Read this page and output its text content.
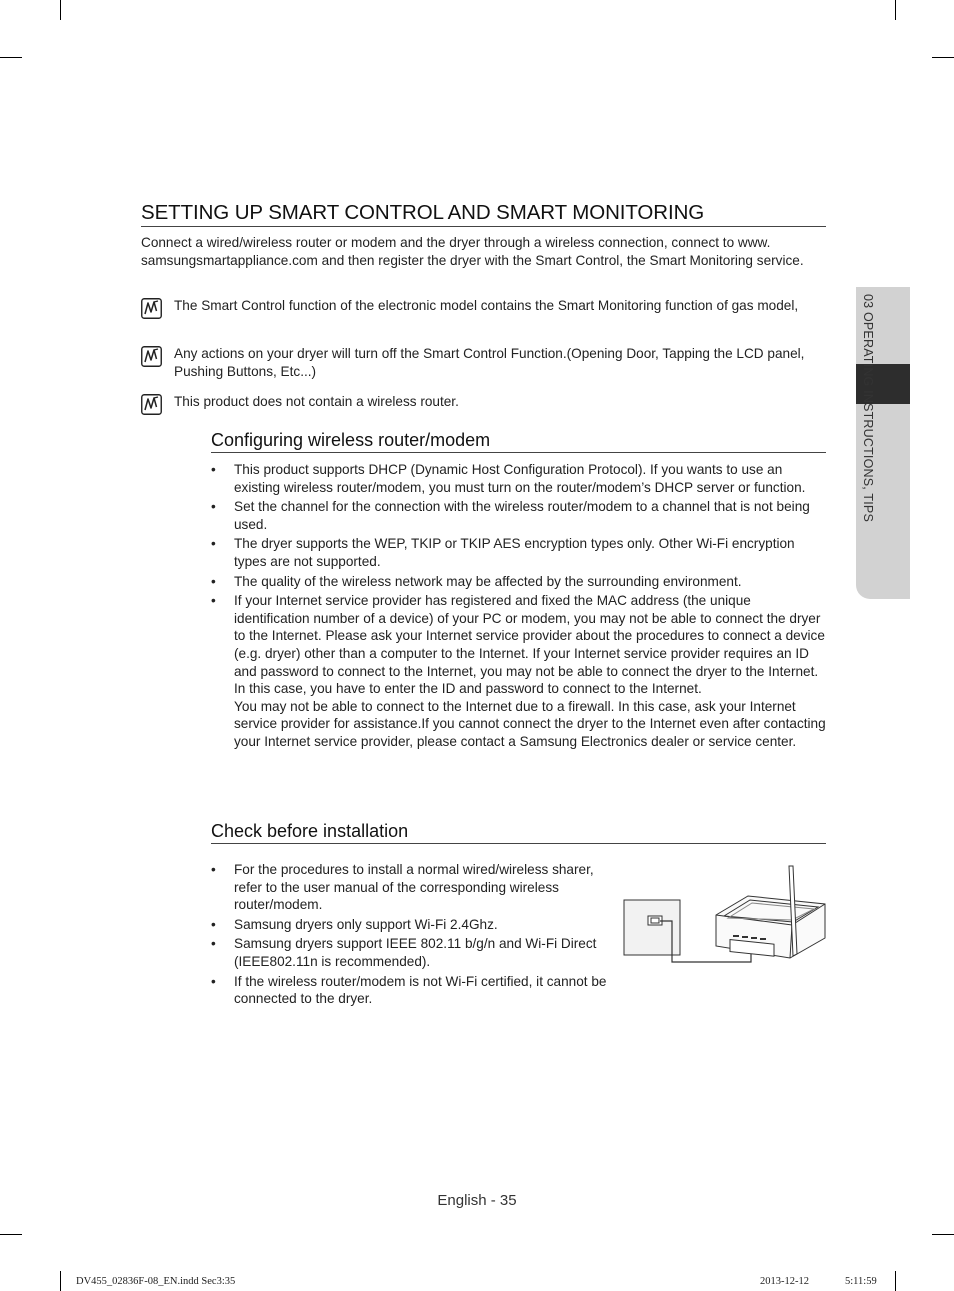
03 OPERATING INSTRUCTIONS, TIPS
SETTING UP SMART CONTROL AND SMART MONITORING
Connect a wired/wireless router or modem and the dryer through a wireless connection, connect to www. samsungsmartappliance.com and then register the dryer with the Smart Control, the Smart Monitoring service.
The Smart Control function of the electronic model contains the Smart Monitoring function of gas model,
Any actions on your dryer will turn off the Smart Control Function.(Opening Door, Tapping the LCD panel, Pushing Buttons, Etc...)
This product does not contain a wireless router.
Configuring wireless router/modem
• This product supports DHCP (Dynamic Host Configuration Protocol). If you wants to use an existing wireless router/modem, you must turn on the router/modem’s DHCP server or function.
• Set the channel for the connection with the wireless router/modem to a channel that is not being used.
• The dryer supports the WEP, TKIP or TKIP AES encryption types only. Other Wi-Fi encryption types are not supported.
• The quality of the wireless network may be affected by the surrounding environment.
• If your Internet service provider has registered and fixed the MAC address (the unique identification number of a device) of your PC or modem, you may not be able to connect the dryer to the Internet. Please ask your Internet service provider about the procedures to connect a device (e.g. dryer) other than a computer to the Internet. If your Internet service provider requires an ID and password to connect to the Internet, you may not be able to connect the dryer to the Internet. In this case, you have to enter the ID and password to connect to the Internet.
You may not be able to connect to the Internet due to a firewall. In this case, ask your Internet service provider for assistance.If you cannot connect the dryer to the Internet even after contacting your Internet service provider, please contact a Samsung Electronics dealer or service center.
Check before installation
• For the procedures to install a normal wired/wireless sharer, refer to the user manual of the corresponding wireless router/modem.
• Samsung dryers only support Wi-Fi 2.4Ghz.
• Samsung dryers support IEEE 802.11 b/g/n and Wi-Fi Direct (IEEE802.11n is recommended).
• If the wireless router/modem is not Wi-Fi certified, it cannot be connected to the dryer.
English - 35
DV455_02836F-08_EN.indd Sec3:35	2013-12-12	5:11:59
